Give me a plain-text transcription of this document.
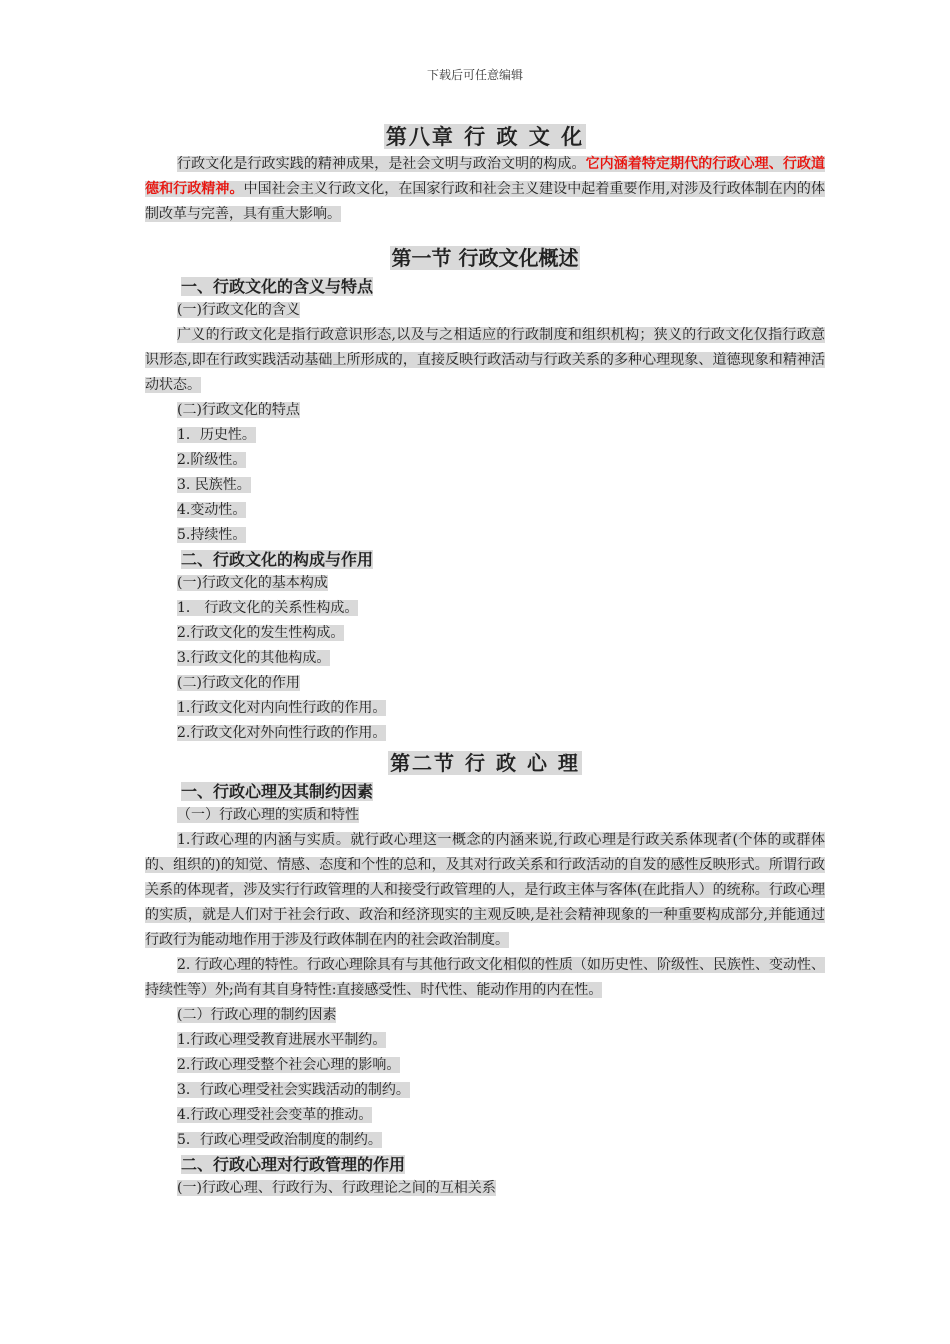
下载后可任意编辑
第八章 行 政 文 化

行政文化是行政实践的精神成果，是社会文明与政治文明的构成。它内涵着特定期代的行政心理、行政道德和行政精神。中国社会主义行政文化，在国家行政和社会主义建设中起着重要作用,对涉及行政体制在内的体制改革与完善，具有重大影响。

第一节 行政文化概述
一、行政文化的含义与特点
(一)行政文化的含义

广义的行政文化是指行政意识形态,以及与之相适应的行政制度和组织机构；狭义的行政文化仅指行政意识形态,即在行政实践活动基础上所形成的，直接反映行政活动与行政关系的多种心理现象、道德现象和精神活动状态。

(二)行政文化的特点
1．历史性。
2.阶级性。
3. 民族性。
4.变动性。
5.持续性。
二、行政文化的构成与作用
(一)行政文化的基本构成
1． 行政文化的关系性构成。
2.行政文化的发生性构成。
3.行政文化的其他构成。
(二)行政文化的作用
1.行政文化对内向性行政的作用。
2.行政文化对外向性行政的作用。
第二节 行 政 心 理
一、行政心理及其制约因素
（一）行政心理的实质和特性

1.行政心理的内涵与实质。就行政心理这一概念的内涵来说,行政心理是行政关系体现者(个体的或群体的、组织的)的知觉、情感、态度和个性的总和，及其对行政关系和行政活动的自发的感性反映形式。所谓行政关系的体现者，涉及实行行政管理的人和接受行政管理的人，是行政主体与客体(在此指人）的统称。行政心理的实质，就是人们对于社会行政、政治和经济现实的主观反映,是社会精神现象的一种重要构成部分,并能通过行政行为能动地作用于涉及行政体制在内的社会政治制度。

2. 行政心理的特性。行政心理除具有与其他行政文化相似的性质（如历史性、阶级性、民族性、变动性、持续性等）外;尚有其自身特性:直接感受性、时代性、能动作用的内在性。

(二）行政心理的制约因素
1.行政心理受教育进展水平制约。
2.行政心理受整个社会心理的影响。
3．行政心理受社会实践活动的制约。
4.行政心理受社会变革的推动。
5．行政心理受政治制度的制约。
二、行政心理对行政管理的作用
(一)行政心理、行政行为、行政理论之间的互相关系
